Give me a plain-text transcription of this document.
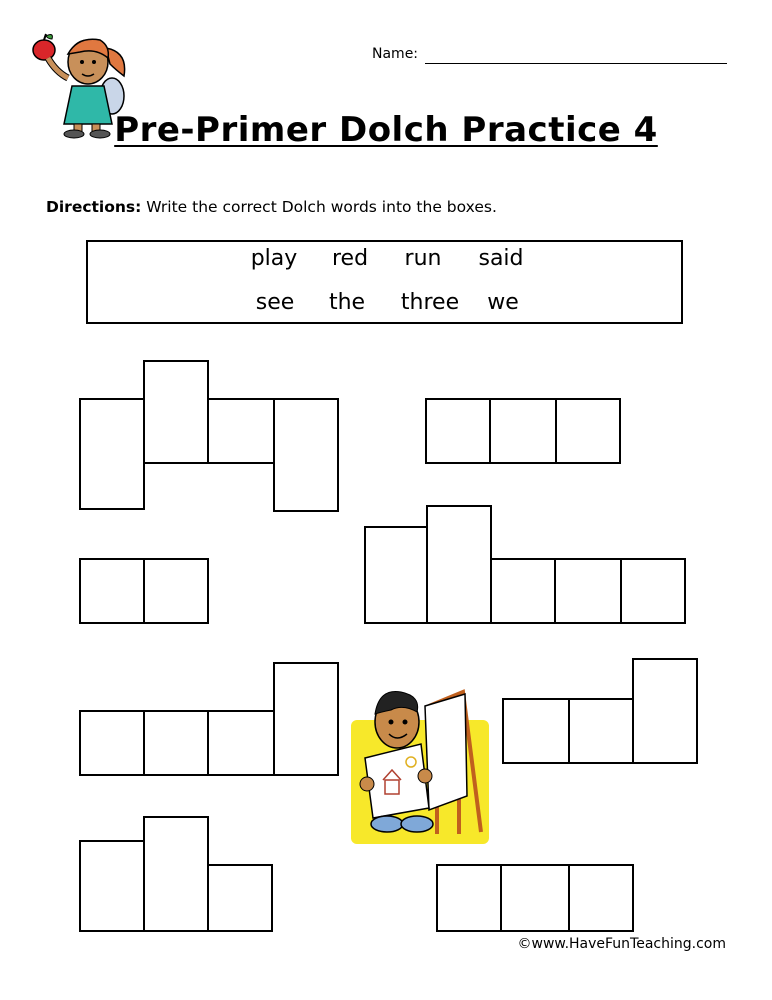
Name:
Pre-Primer Dolch Practice 4
Directions: Write the correct Dolch words into the boxes.
play red run said
see the three we
©www.HaveFunTeaching.com
